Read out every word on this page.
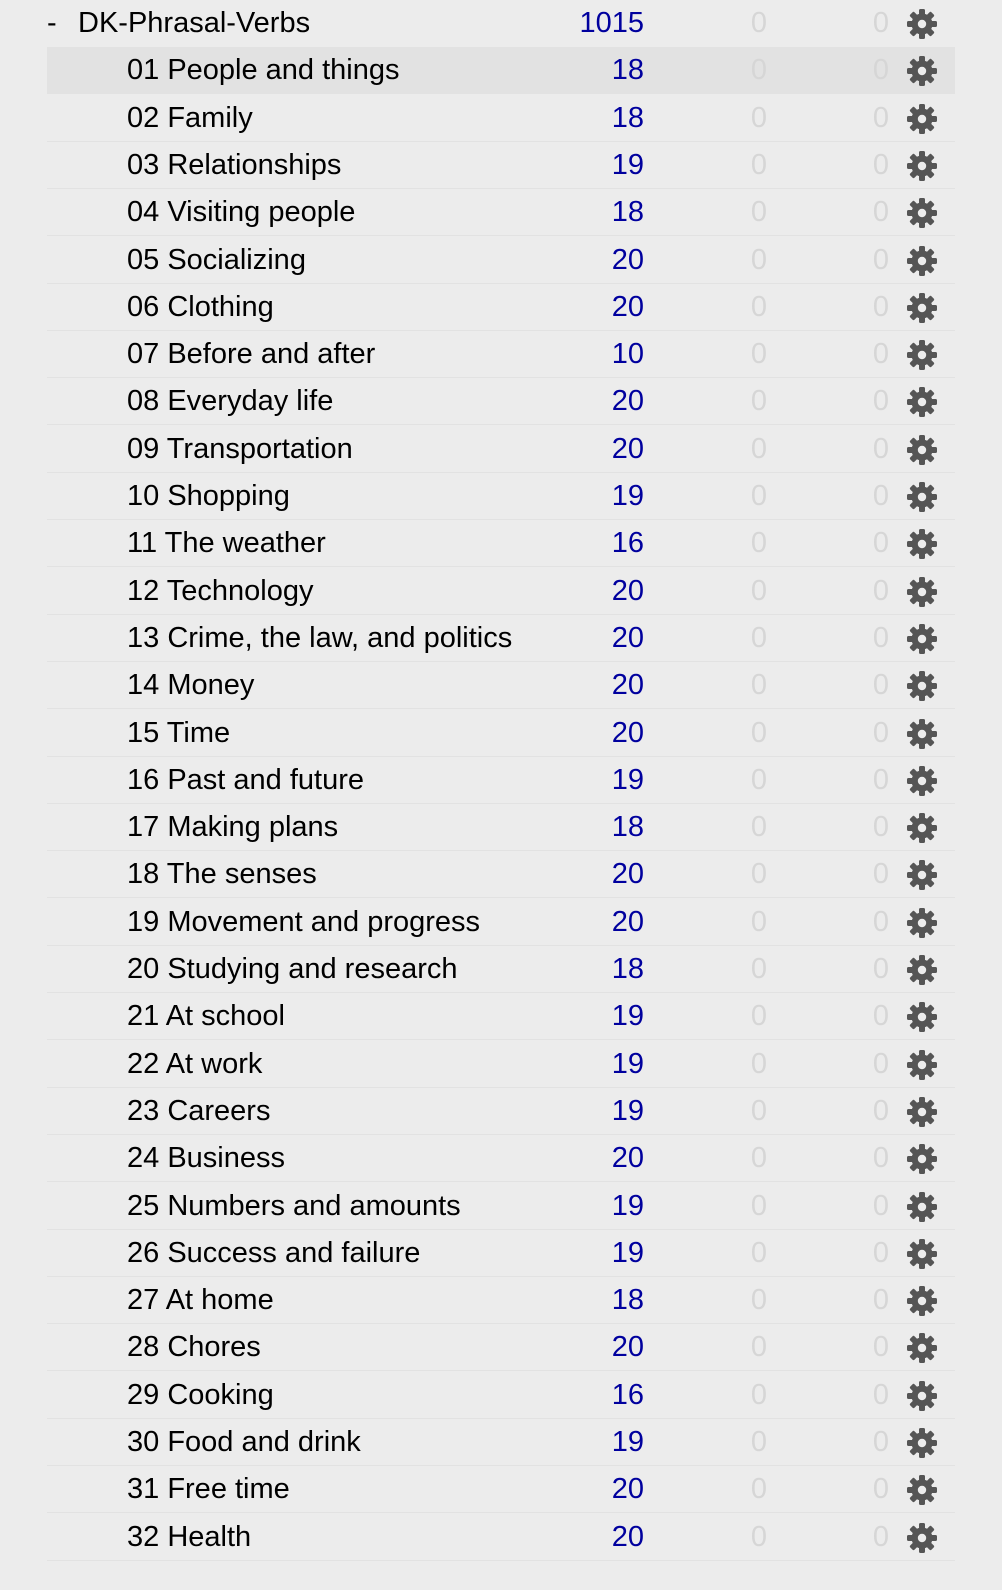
- DK-Phrasal-Verbs	1015	0	0
01 People and things	18	0	0
02 Family	18	0	0
03 Relationships	19	0	0
04 Visiting people	18	0	0
05 Socializing	20	0	0
06 Clothing	20	0	0
07 Before and after	10	0	0
08 Everyday life	20	0	0
09 Transportation	20	0	0
10 Shopping	19	0	0
11 The weather	16	0	0
12 Technology	20	0	0
13 Crime, the law, and politics	20	0	0
14 Money	20	0	0
15 Time	20	0	0
16 Past and future	19	0	0
17 Making plans	18	0	0
18 The senses	20	0	0
19 Movement and progress	20	0	0
20 Studying and research	18	0	0
21 At school	19	0	0
22 At work	19	0	0
23 Careers	19	0	0
24 Business	20	0	0
25 Numbers and amounts	19	0	0
26 Success and failure	19	0	0
27 At home	18	0	0
28 Chores	20	0	0
29 Cooking	16	0	0
30 Food and drink	19	0	0
31 Free time	20	0	0
32 Health	20	0	0
